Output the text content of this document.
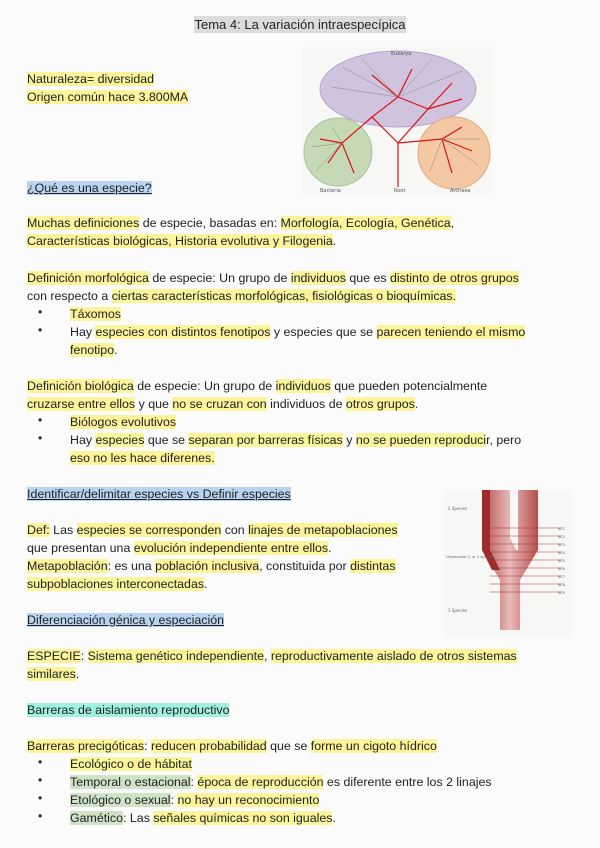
Tema 4: La variación intraespecípica
Naturaleza= diversidad
Origen común hace 3.800MA
Eukarya
Bacteria	Root	Archaea
¿Qué es una especie?
Muchas definiciones de especie, basadas en: Morfología, Ecología, Genética,
Características biológicas, Historia evolutiva y Filogenia.
Definición morfológica de especie: Un grupo de individuos que es distinto de otros grupos
con respecto a ciertas características morfológicas, fisiológicas o bioquímicas.
• Táxomos
• Hay especies con distintos fenotipos y especies que se parecen teniendo el mismo
fenotipo.
Definición biológica de especie: Un grupo de individuos que pueden potencialmente
cruzarse entre ellos y que no se cruzan con individuos de otros grupos.
• Biólogos evolutivos
• Hay especies que se separan por barreras físicas y no se pueden reproducir, pero
eso no les hace diferenes.
Identificar/delimitar especies vs Definir especies
Def: Las especies se corresponden con linajes de metapoblaciones
que presentan una evolución independiente entre ellos.
Metapoblación: es una población inclusiva, constituida por distintas
subpoblaciones interconectadas.
2 Species
Unresolved (1 or 2 species)
1 Species
SC1
SC2
SC3
SC4
SC5
SC6
SC7
SC8
SC9
Diferenciación génica y especiación
ESPECIE: Sistema genético independiente, reproductivamente aislado de otros sistemas
similares.
Barreras de aislamiento reproductivo
Barreras precigóticas: reducen probabilidad que se forme un cigoto hídrico
• Ecológico o de hábitat
• Temporal o estacional: época de reproducción es diferente entre los 2 linajes
• Etológico o sexual: no hay un reconocimiento
• Gamético: Las señales químicas no son iguales.
